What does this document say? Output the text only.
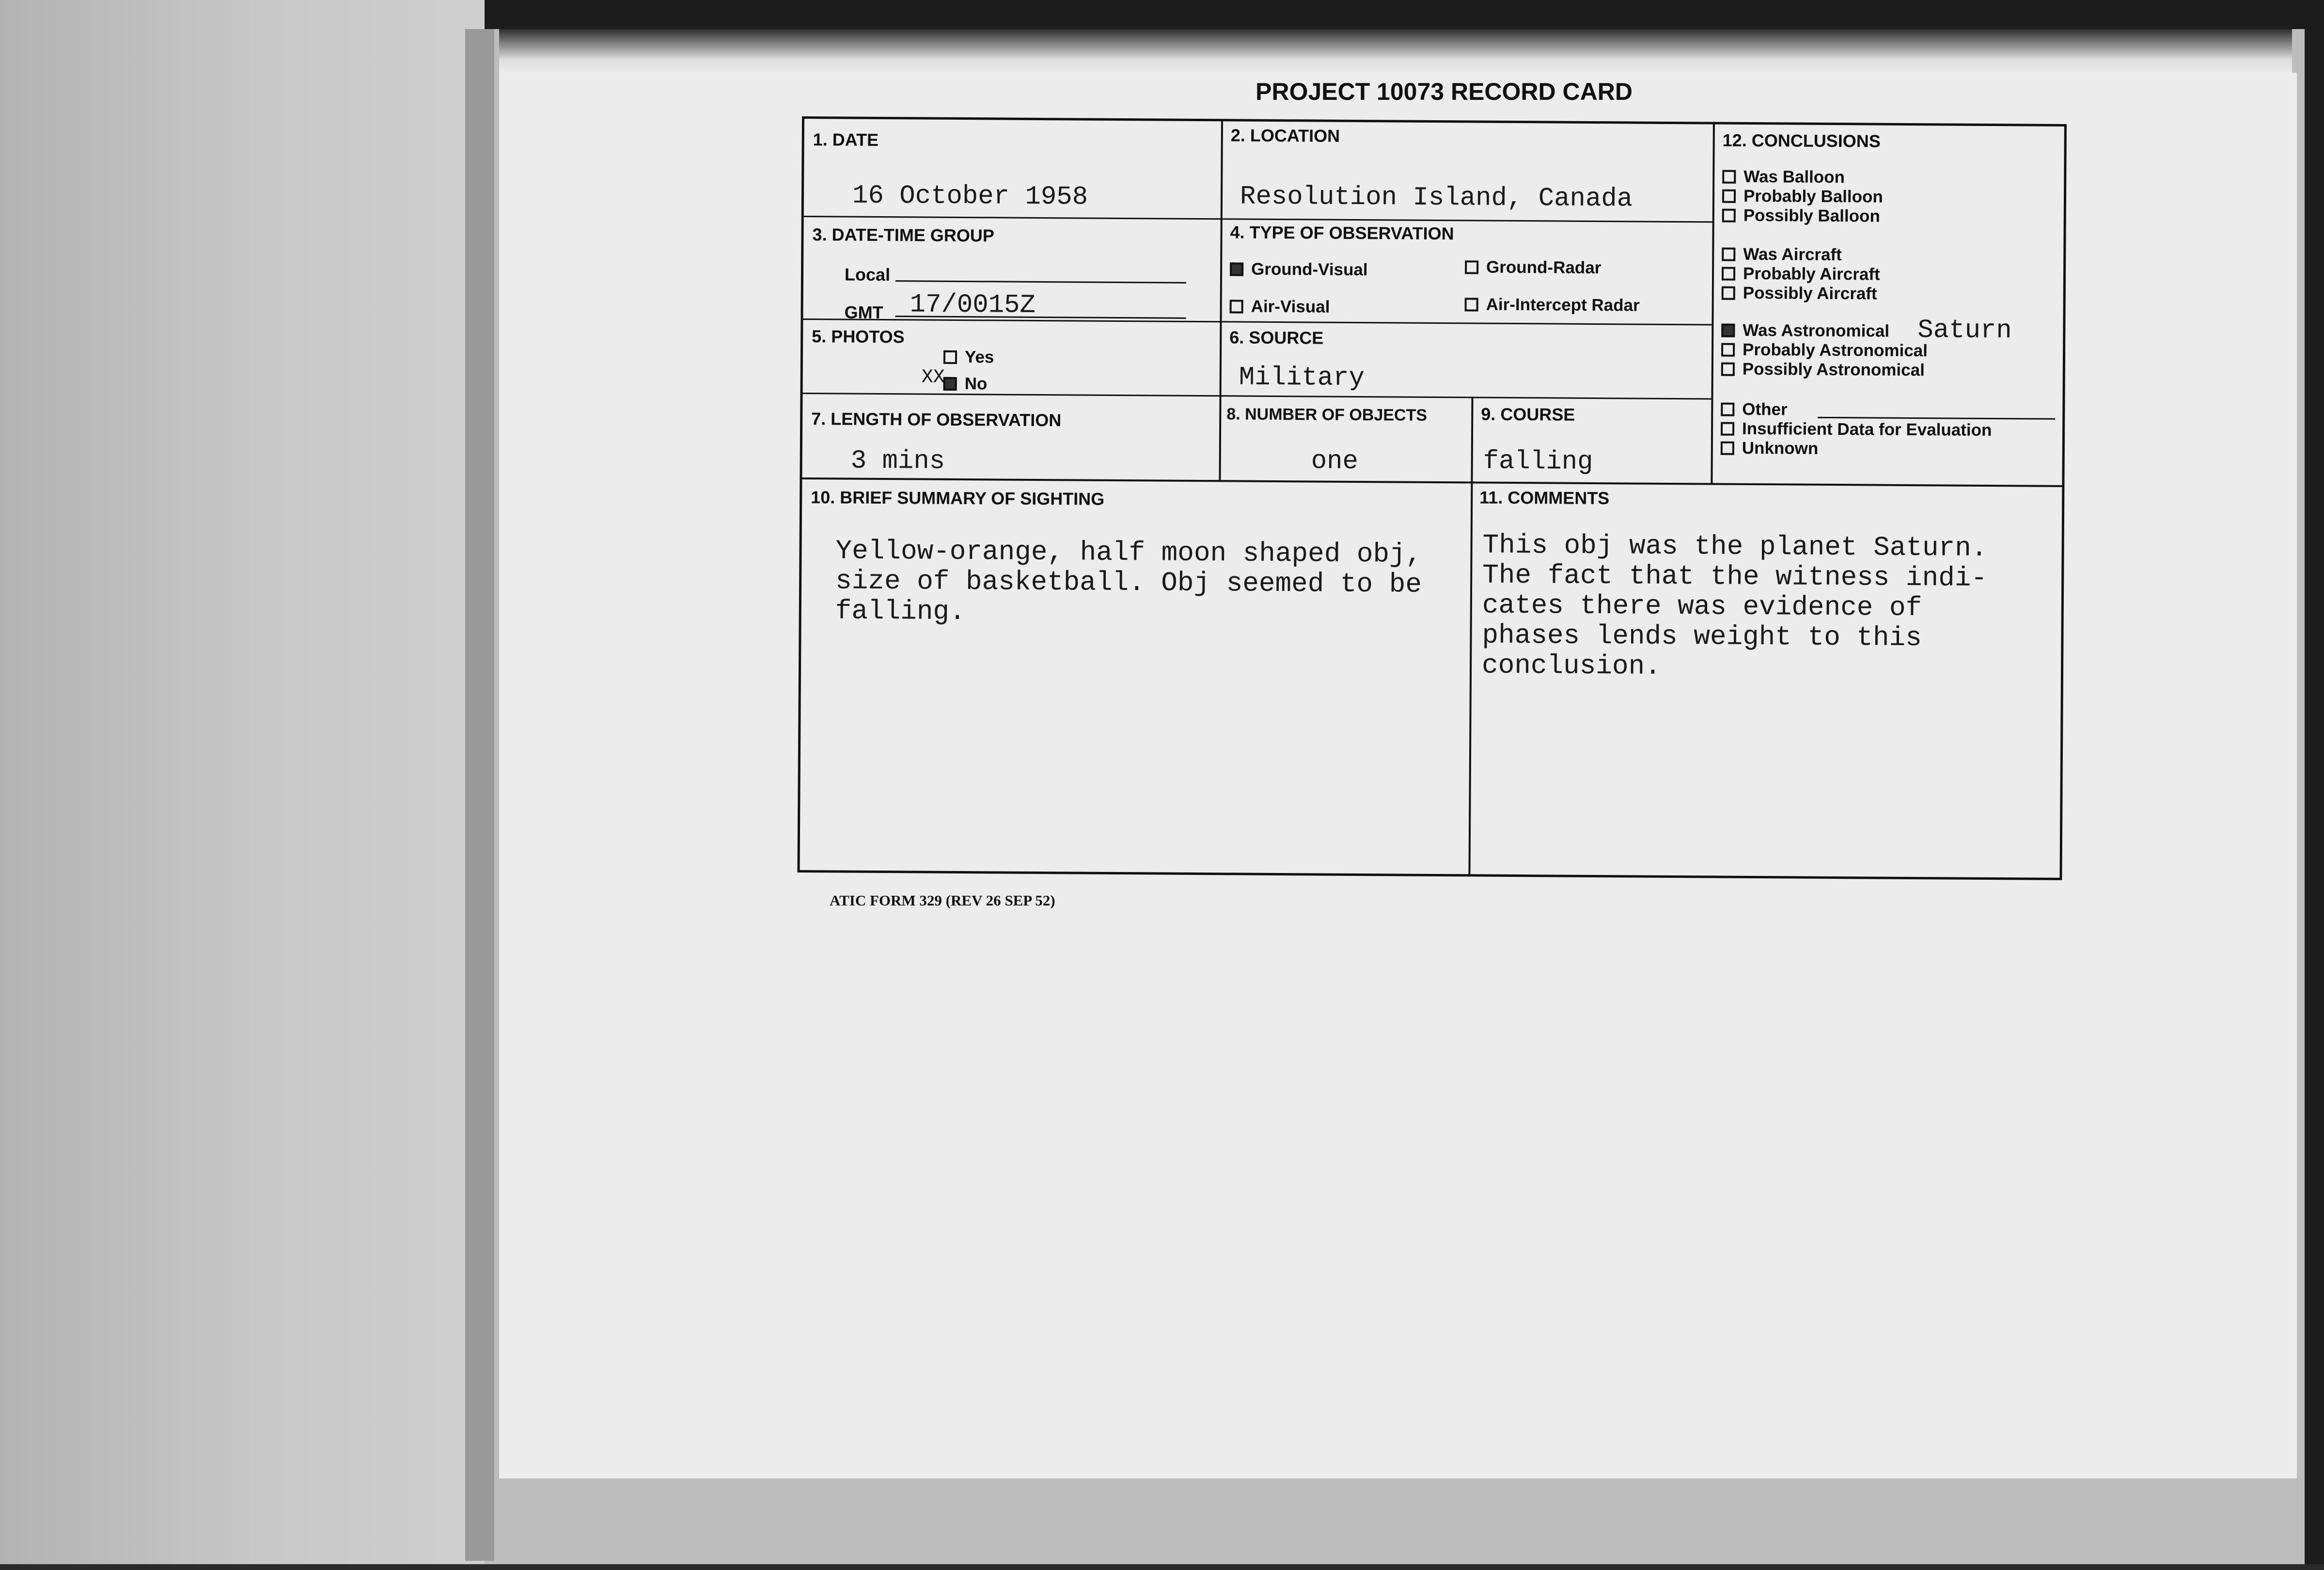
PROJECT 10073 RECORD CARD
1. DATE
16 October 1958
2. LOCATION
Resolution Island, Canada
3. DATE-TIME GROUP
Local
GMT 17/0015Z
4. TYPE OF OBSERVATION
Ground-Visual	Ground-Radar
Air-Visual	Air-Intercept Radar
5. PHOTOS
Yes
No
XX
6. SOURCE
Military
7. LENGTH OF OBSERVATION
3 mins
8. NUMBER OF OBJECTS
one
9. COURSE
falling
10. BRIEF SUMMARY OF SIGHTING
Yellow-orange, half moon shaped obj,
size of basketball. Obj seemed to be
falling.
11. COMMENTS
This obj was the planet Saturn.
The fact that the witness indi-
cates there was evidence of
phases lends weight to this
conclusion.
12. CONCLUSIONS
Was Balloon
Probably Balloon
Possibly Balloon
Was Aircraft
Probably Aircraft
Possibly Aircraft
Was Astronomical Saturn
Probably Astronomical
Possibly Astronomical
Other
Insufficient Data for Evaluation
Unknown
ATIC FORM 329 (REV 26 SEP 52)
